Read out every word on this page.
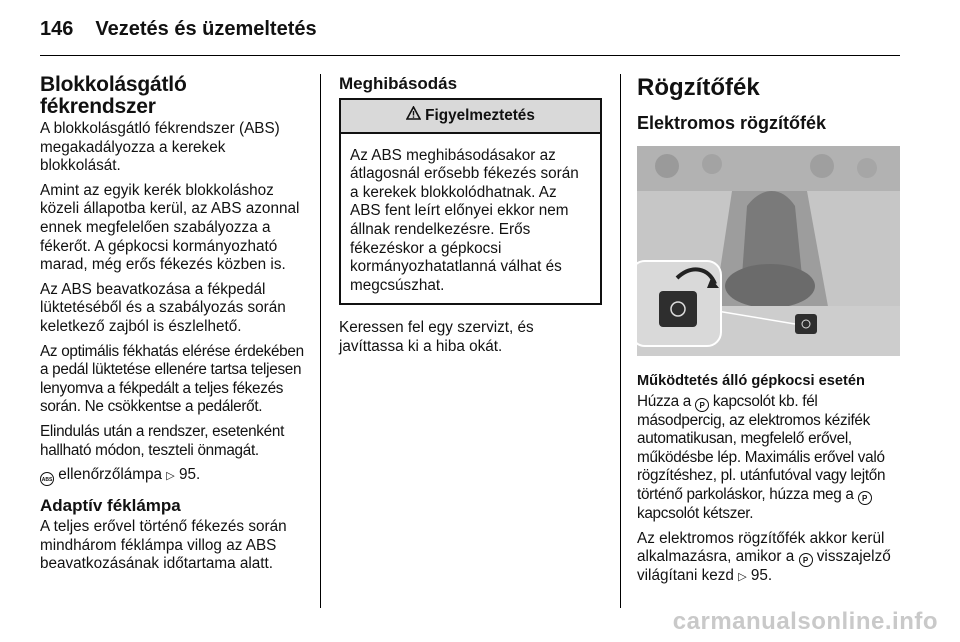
146 Vezetés és üzemeltetés
Blokkolásgátló
fékrendszer

A blokkolásgátló fékrendszer (ABS) megakadályozza a kerekek blokkolását.

Amint az egyik kerék blokkoláshoz közeli állapotba kerül, az ABS azonnal ennek megfelelően szabályozza a fékerőt. A gépkocsi kormányozható marad, még erős fékezés közben is.

Az ABS beavatkozása a fékpedál lüktetéséből és a szabályozás során keletkező zajból is észlelhető.

Az optimális fékhatás elérése érdekében a pedál lüktetése ellenére tartsa teljesen lenyomva a fékpedált a teljes fékezés során. Ne csökkentse a pedálerőt.

Elindulás után a rendszer, esetenként hallható módon, teszteli önmagát.

ABS ellenőrzőlámpa ▷ 95.

Adaptív féklámpa

A teljes erővel történő fékezés során mindhárom féklámpa villog az ABS beavatkozásának időtartama alatt.

Meghibásodás
Figyelmeztetés
Az ABS meghibásodásakor az átlagosnál erősebb fékezés során a kerekek blokkolódhatnak. Az ABS fent leírt előnyei ekkor nem állnak rendelkezésre. Erős fékezéskor a gépkocsi kormányozhatatlanná válhat és megcsúszhat.

Keressen fel egy szervizt, és javíttassa ki a hiba okát.

Rögzítőfék
Elektromos rögzítőfék
Működtetés álló gépkocsi esetén

Húzza a P kapcsolót kb. fél másodpercig, az elektromos kézifék automatikusan, megfelelő erővel, működésbe lép. Maximális erővel való rögzítéshez, pl. utánfutóval vagy lejtőn történő parkoláskor, húzza meg a P kapcsolót kétszer.

Az elektromos rögzítőfék akkor kerül alkalmazásra, amikor a P visszajelző világítani kezd ▷ 95.

carmanualsonline.info
